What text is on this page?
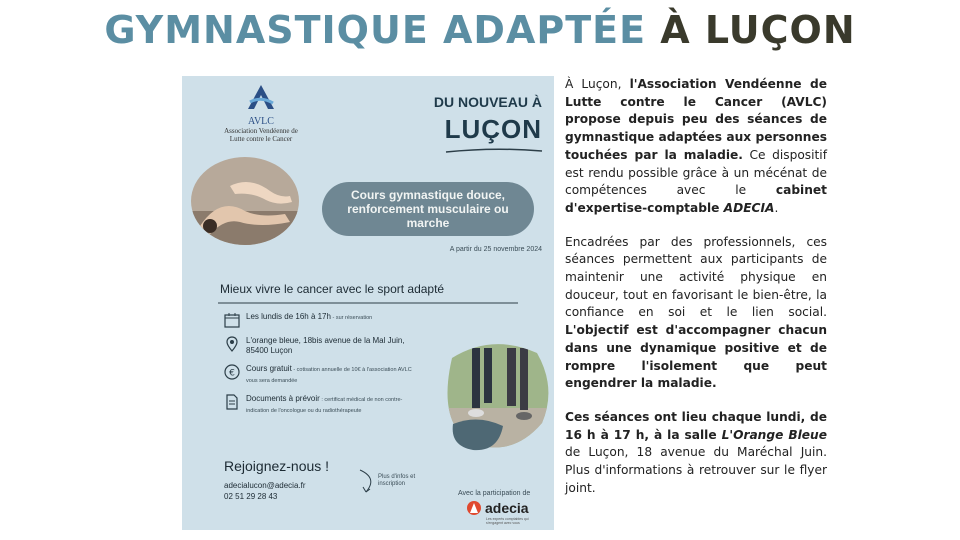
GYMNASTIQUE ADAPTÉE À LUÇON
AVLC
Association Vendéenne de
Lutte contre le Cancer
DU NOUVEAU À
LUÇON
Cours gymnastique douce, renforcement musculaire ou marche
A partir du 25 novembre 2024
Mieux vivre le cancer avec le sport adapté
Les lundis de 16h à 17h - sur réservation
L'orange bleue, 18bis avenue de la Mal Juin, 85400 Luçon
€ Cours gratuit - cotisation annuelle de 10€ à l'association AVLC vous sera demandée
Documents à prévoir : certificat médical de non contre-indication de l'oncologue ou du radiothérapeute
Rejoignez-nous !
adecialucon@adecia.fr
02 51 29 28 43
Plus d'infos et inscription
Avec la participation de
adecia
Les experts comptables qui s'engagent avec vous

À Luçon, l'Association Vendéenne de Lutte contre le Cancer (AVLC) propose depuis peu des séances de gymnastique adaptées aux personnes touchées par la maladie. Ce dispositif est rendu possible grâce à un mécénat de compétences avec le cabinet d'expertise-comptable ADECIA.

Encadrées par des professionnels, ces séances permettent aux participants de maintenir une activité physique en douceur, tout en favorisant le bien-être, la confiance en soi et le lien social. L'objectif est d'accompagner chacun dans une dynamique positive et de rompre l'isolement que peut engendrer la maladie.

Ces séances ont lieu chaque lundi, de 16 h à 17 h, à la salle L'Orange Bleue de Luçon, 18 avenue du Maréchal Juin. Plus d'informations à retrouver sur le flyer joint.
